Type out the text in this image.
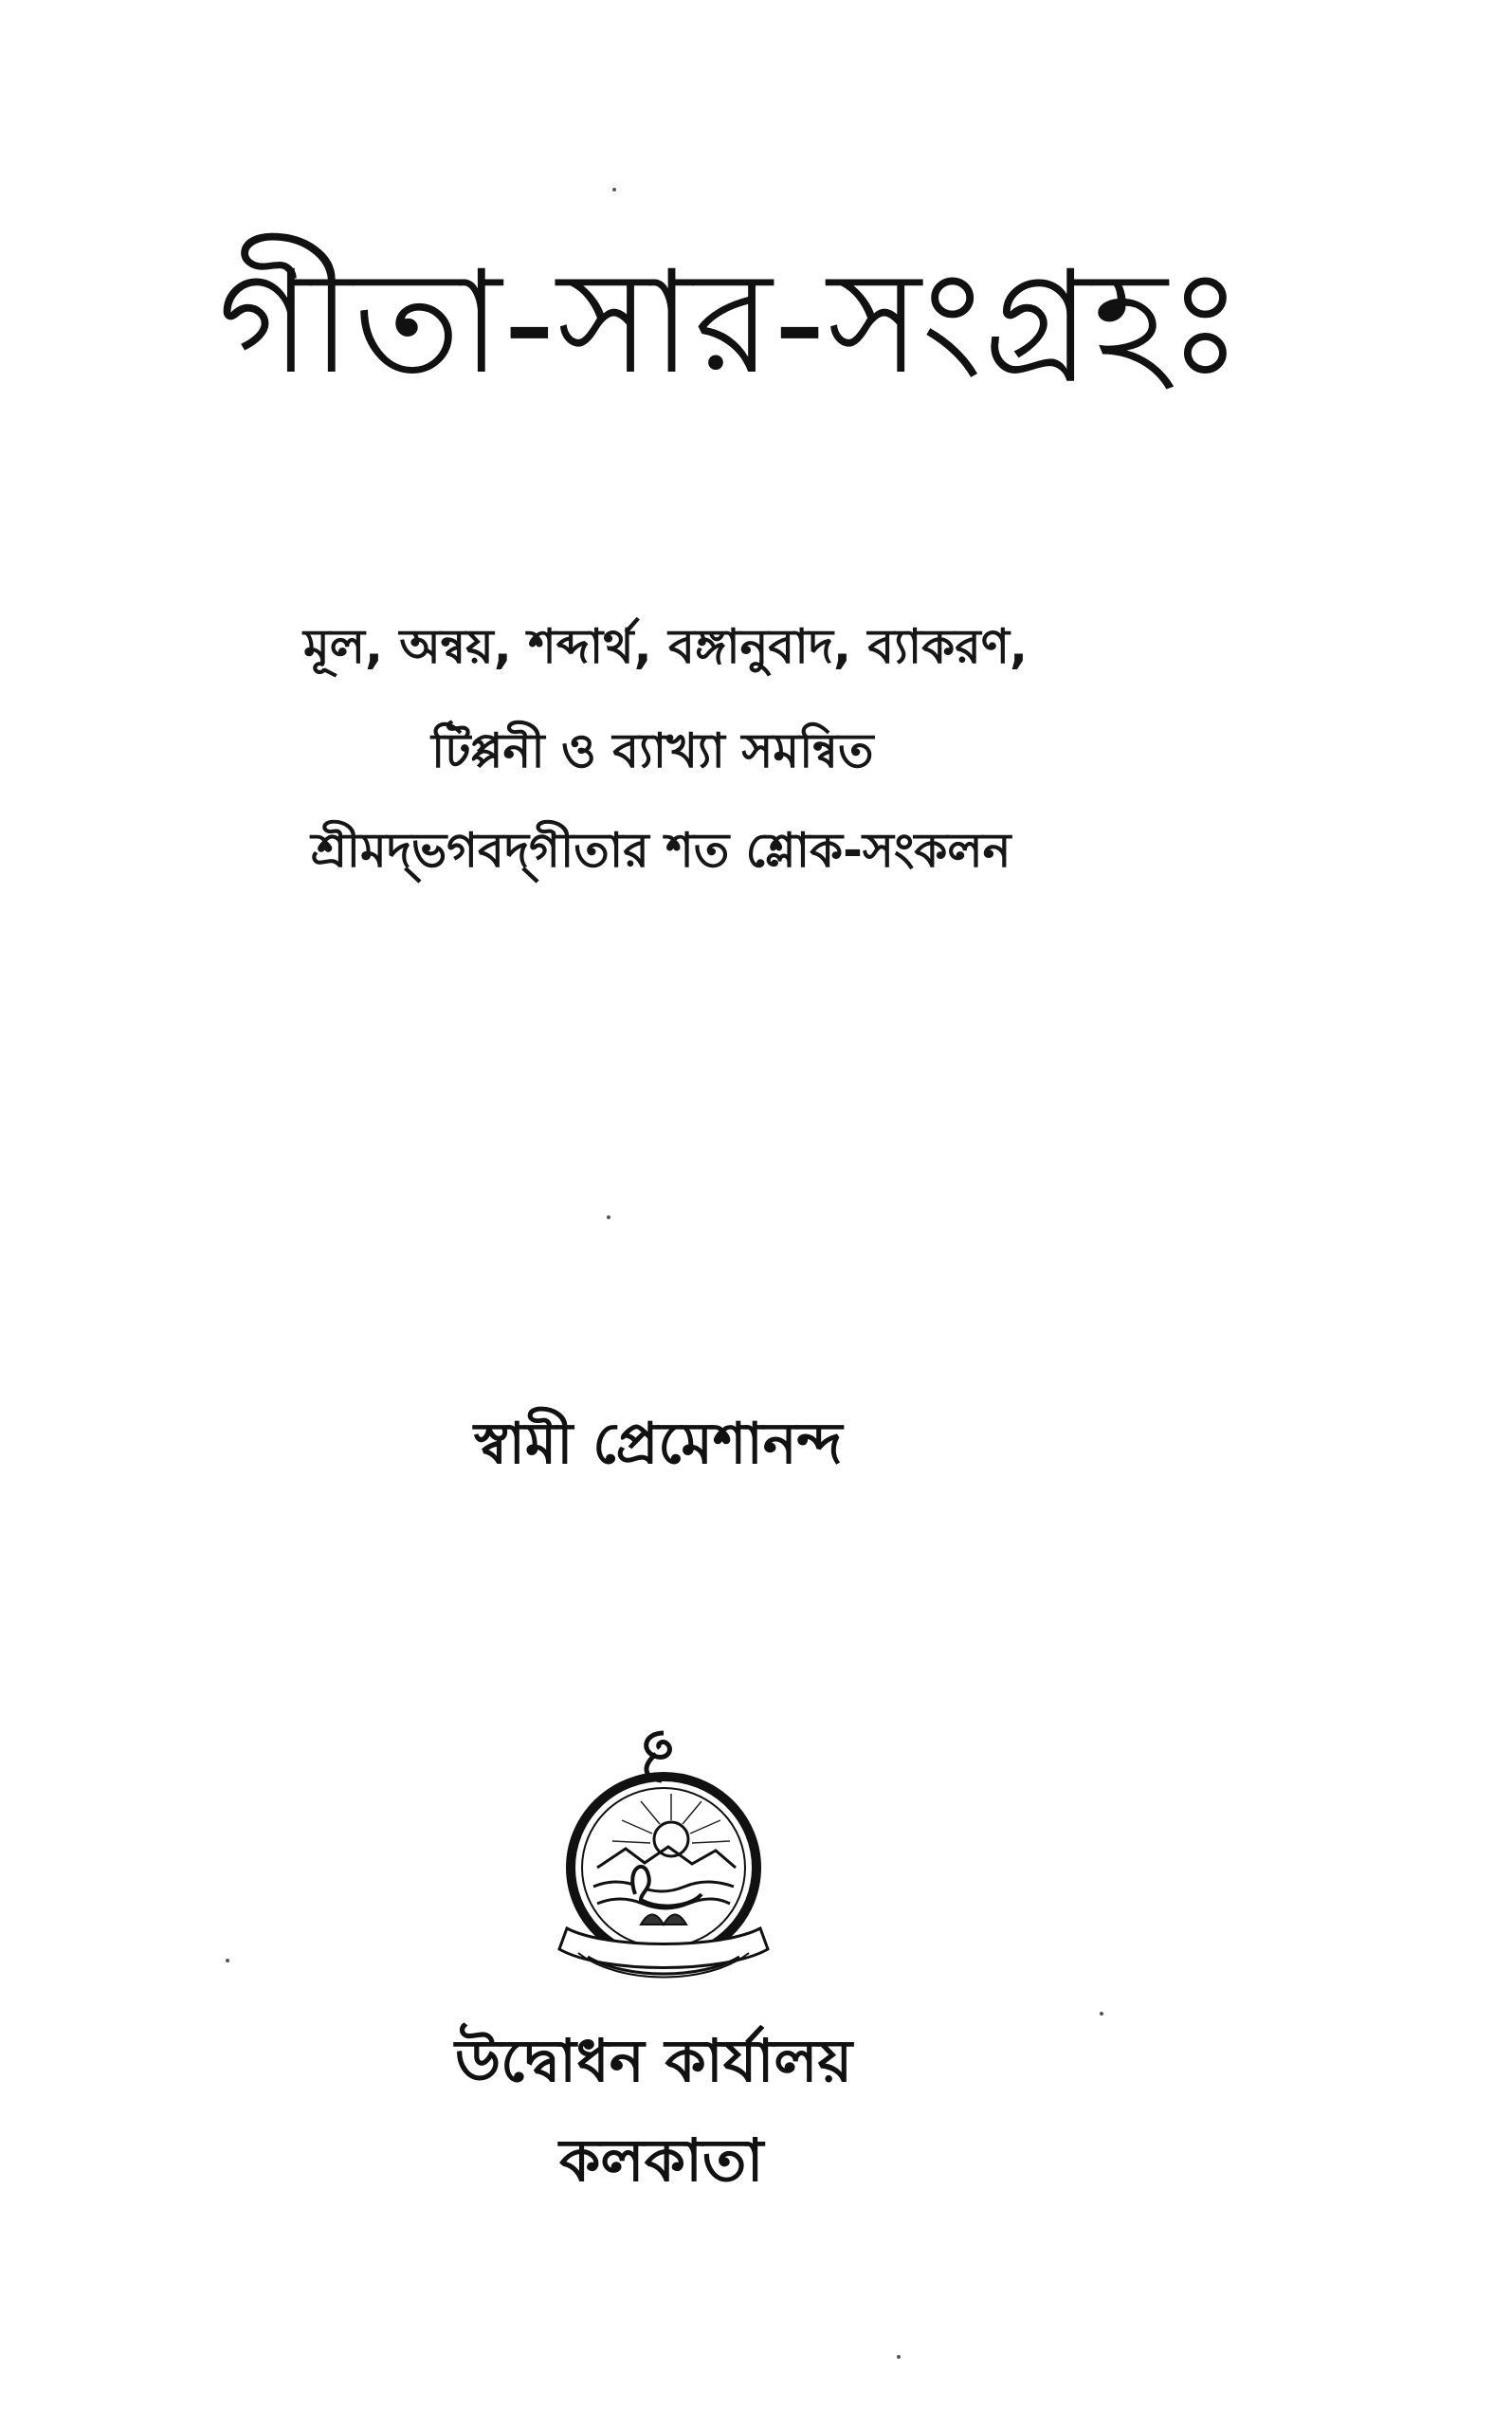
গীতা-সার-সংগ্রহঃ

মূল, অন্বয়, শব্দার্থ, বঙ্গানুবাদ, ব্যাকরণ,

টিপ্পনী ও ব্যাখ্যা সমন্বিত

শ্রীমদ্‌ভগবদ্‌গীতার শত শ্লোক-সংকলন

স্বামী প্রেমেশানন্দ

উদ্বোধন কার্যালয়

কলকাতা
